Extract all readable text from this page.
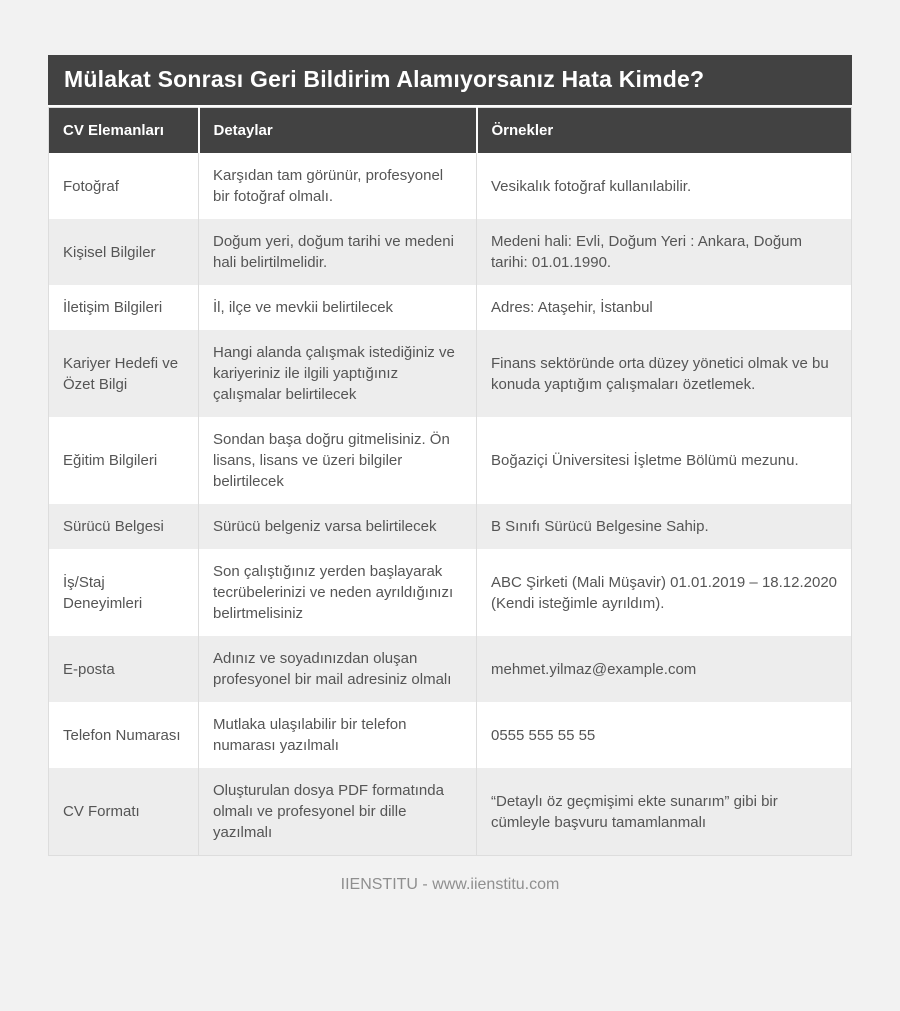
Mülakat Sonrası Geri Bildirim Alamıyorsanız Hata Kimde?
CV Elemanları	Detaylar	Örnekler
Fotoğraf	Karşıdan tam görünür, profesyonel bir fotoğraf olmalı.	Vesikalık fotoğraf kullanılabilir.
Kişisel Bilgiler	Doğum yeri, doğum tarihi ve medeni hali belirtilmelidir.	Medeni hali: Evli, Doğum Yeri : Ankara, Doğum tarihi: 01.01.1990.
İletişim Bilgileri	İl, ilçe ve mevkii belirtilecek	Adres: Ataşehir, İstanbul
Kariyer Hedefi ve Özet Bilgi	Hangi alanda çalışmak istediğiniz ve kariyeriniz ile ilgili yaptığınız çalışmalar belirtilecek	Finans sektöründe orta düzey yönetici olmak ve bu konuda yaptığım çalışmaları özetlemek.
Eğitim Bilgileri	Sondan başa doğru gitmelisiniz. Ön lisans, lisans ve üzeri bilgiler belirtilecek	Boğaziçi Üniversitesi İşletme Bölümü mezunu.
Sürücü Belgesi	Sürücü belgeniz varsa belirtilecek	B Sınıfı Sürücü Belgesine Sahip.
İş/Staj Deneyimleri	Son çalıştığınız yerden başlayarak tecrübelerinizi ve neden ayrıldığınızı belirtmelisiniz	ABC Şirketi (Mali Müşavir) 01.01.2019 – 18.12.2020 (Kendi isteğimle ayrıldım).
E-posta	Adınız ve soyadınızdan oluşan profesyonel bir mail adresiniz olmalı	mehmet.yilmaz@example.com
Telefon Numarası	Mutlaka ulaşılabilir bir telefon numarası yazılmalı	0555 555 55 55
CV Formatı	Oluşturulan dosya PDF formatında olmalı ve profesyonel bir dille yazılmalı	“Detaylı öz geçmişimi ekte sunarım” gibi bir cümleyle başvuru tamamlanmalı
IIENSTITU - www.iienstitu.com
